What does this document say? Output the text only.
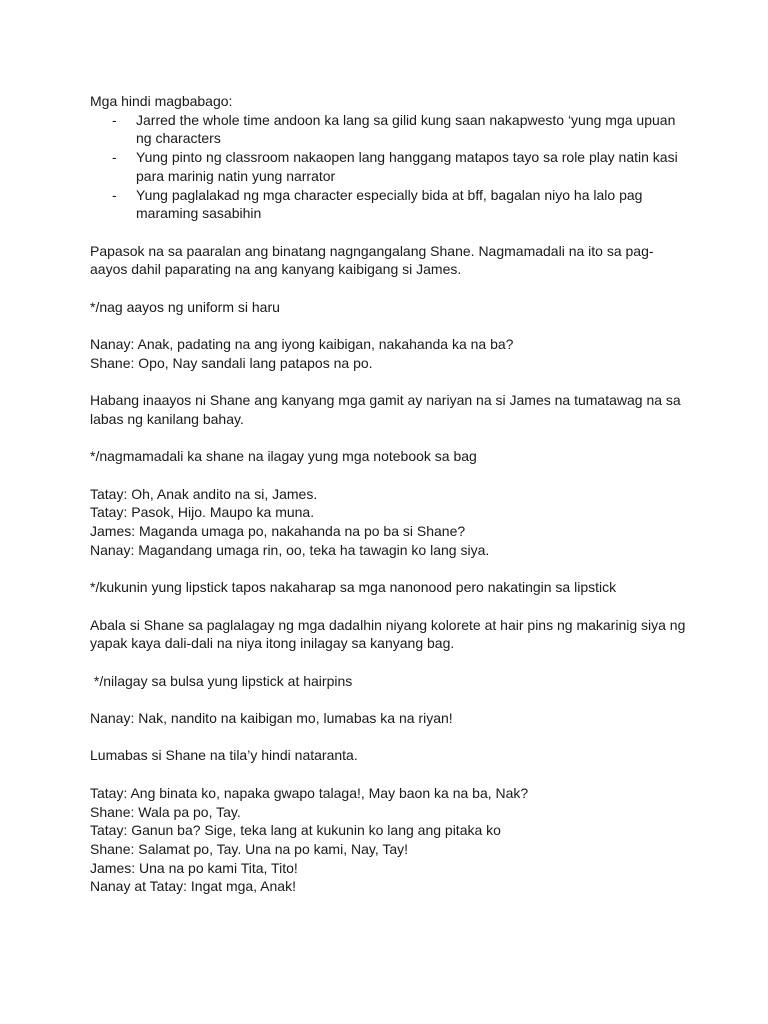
Mga hindi magbabago:
- Jarred the whole time andoon ka lang sa gilid kung saan nakapwesto ‘yung mga upuan ng characters
- Yung pinto ng classroom nakaopen lang hanggang matapos tayo sa role play natin kasi para marinig natin yung narrator
- Yung paglalakad ng mga character especially bida at bff, bagalan niyo ha lalo pag maraming sasabihin
Papasok na sa paaralan ang binatang nagngangalang Shane. Nagmamadali na ito sa pag-aayos dahil paparating na ang kanyang kaibigang si James.
*/nag aayos ng uniform si haru
Nanay: Anak, padating na ang iyong kaibigan, nakahanda ka na ba?
Shane: Opo, Nay sandali lang patapos na po.
Habang inaayos ni Shane ang kanyang mga gamit ay nariyan na si James na tumatawag na sa labas ng kanilang bahay.
*/nagmamadali ka shane na ilagay yung mga notebook sa bag
Tatay: Oh, Anak andito na si, James.
Tatay: Pasok, Hijo. Maupo ka muna.
James: Maganda umaga po, nakahanda na po ba si Shane?
Nanay: Magandang umaga rin, oo, teka ha tawagin ko lang siya.
*/kukunin yung lipstick tapos nakaharap sa mga nanonood pero nakatingin sa lipstick
Abala si Shane sa paglalagay ng mga dadalhin niyang kolorete at hair pins ng makarinig siya ng yapak kaya dali-dali na niya itong inilagay sa kanyang bag.
*/nilagay sa bulsa yung lipstick at hairpins
Nanay: Nak, nandito na kaibigan mo, lumabas ka na riyan!
Lumabas si Shane na tila’y hindi nataranta.
Tatay: Ang binata ko, napaka gwapo talaga!, May baon ka na ba, Nak?
Shane: Wala pa po, Tay.
Tatay: Ganun ba? Sige, teka lang at kukunin ko lang ang pitaka ko
Shane: Salamat po, Tay. Una na po kami, Nay, Tay!
James: Una na po kami Tita, Tito!
Nanay at Tatay: Ingat mga, Anak!
